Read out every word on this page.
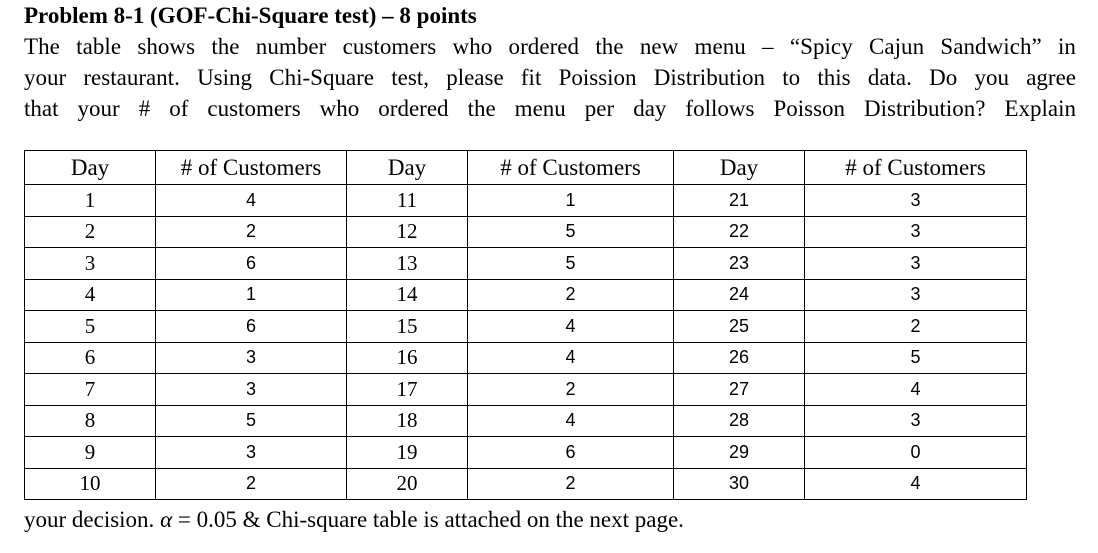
Problem 8-1 (GOF-Chi-Square test) – 8 points
The table shows the number customers who ordered the new menu – “Spicy Cajun Sandwich” in
your restaurant. Using Chi-Square test, please fit Poission Distribution to this data. Do you agree
that your # of customers who ordered the menu per day follows Poisson Distribution? Explain
Day	# of Customers	Day	# of Customers	Day	# of Customers
1	4	11	1	21	3
2	2	12	5	22	3
3	6	13	5	23	3
4	1	14	2	24	3
5	6	15	4	25	2
6	3	16	4	26	5
7	3	17	2	27	4
8	5	18	4	28	3
9	3	19	6	29	0
10	2	20	2	30	4
your decision. α = 0.05 & Chi-square table is attached on the next page.
